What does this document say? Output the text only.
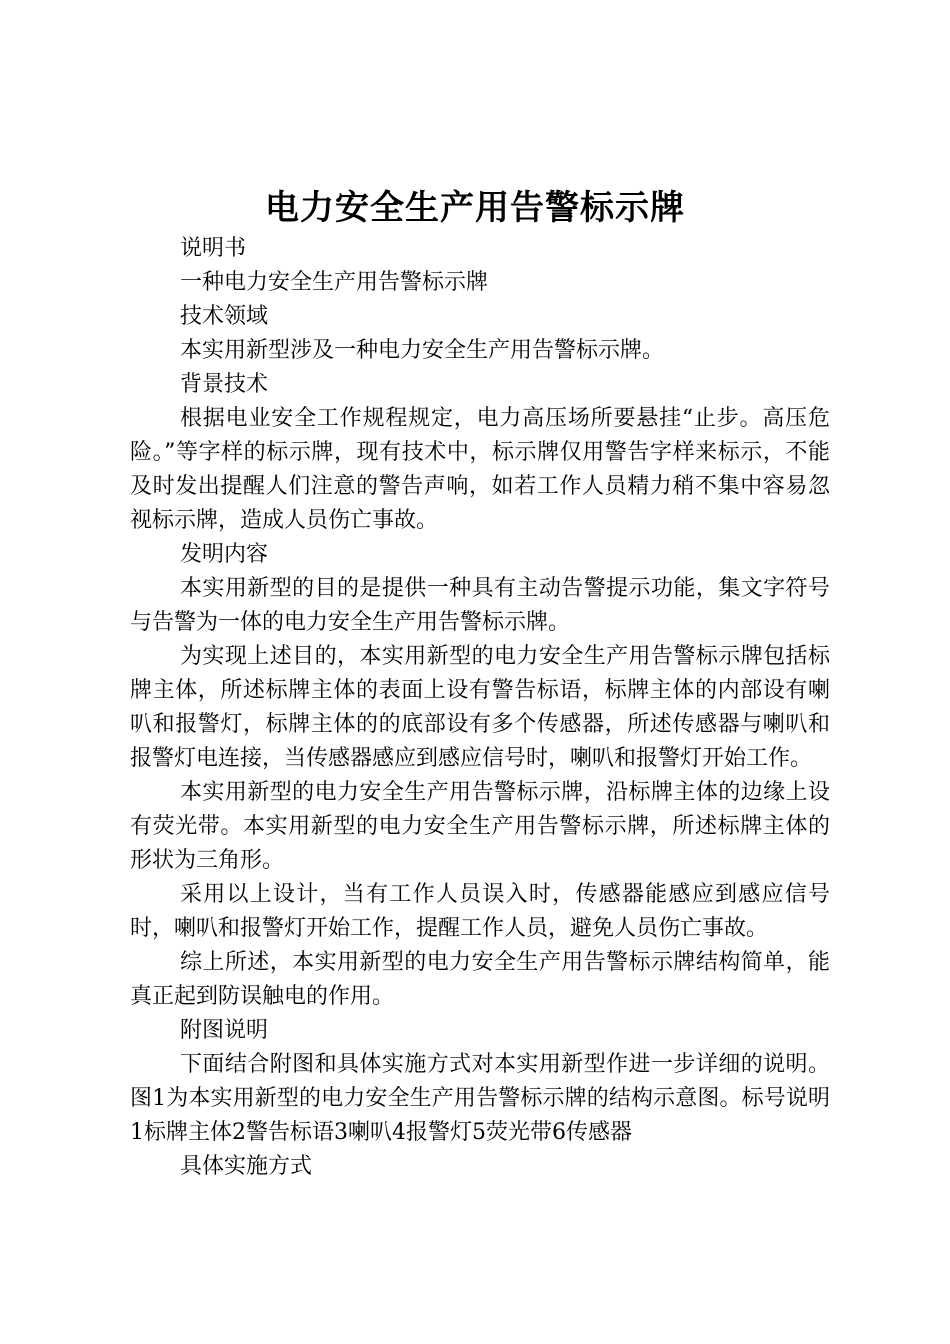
电力安全生产用告警标示牌

说明书

一种电力安全生产用告警标示牌

技术领域

本实用新型涉及一种电力安全生产用告警标示牌。

背景技术

根据电业安全工作规程规定，电力高压场所要悬挂“止步。高压危险。”等字样的标示牌，现有技术中，标示牌仅用警告字样来标示，不能及时发出提醒人们注意的警告声响，如若工作人员精力稍不集中容易忽视标示牌，造成人员伤亡事故。

发明内容

本实用新型的目的是提供一种具有主动告警提示功能，集文字符号与告警为一体的电力安全生产用告警标示牌。

为实现上述目的，本实用新型的电力安全生产用告警标示牌包括标牌主体，所述标牌主体的表面上设有警告标语，标牌主体的内部设有喇叭和报警灯，标牌主体的的底部设有多个传感器，所述传感器与喇叭和报警灯电连接，当传感器感应到感应信号时，喇叭和报警灯开始工作。

本实用新型的电力安全生产用告警标示牌，沿标牌主体的边缘上设有荧光带。本实用新型的电力安全生产用告警标示牌，所述标牌主体的形状为三角形。

采用以上设计，当有工作人员误入时，传感器能感应到感应信号时，喇叭和报警灯开始工作，提醒工作人员，避免人员伤亡事故。

综上所述，本实用新型的电力安全生产用告警标示牌结构简单，能真正起到防误触电的作用。

附图说明

下面结合附图和具体实施方式对本实用新型作进一步详细的说明。图1为本实用新型的电力安全生产用告警标示牌的结构示意图。标号说明1标牌主体2警告标语3喇叭4报警灯5荧光带6传感器

具体实施方式
